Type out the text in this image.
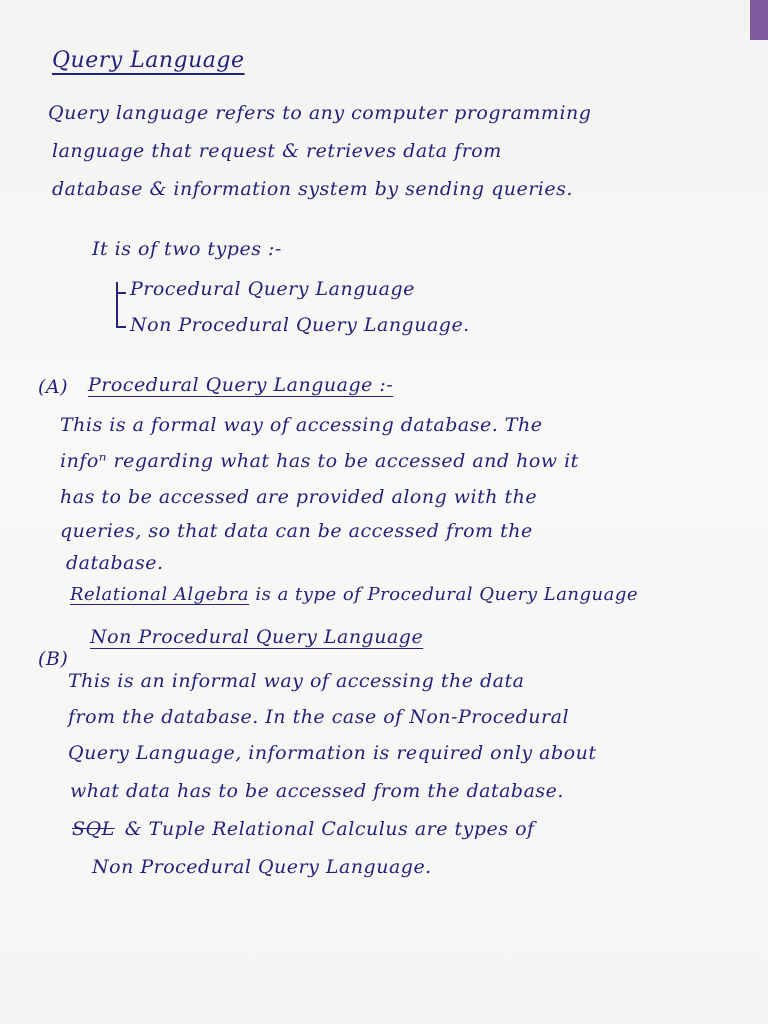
Query Language
Query language refers to any computer programming
language that request & retrieves data from
database & information system by sending queries.
It is of two types :-
Procedural Query Language
Non Procedural Query Language.
(A) Procedural Query Language :-
This is a formal way of accessing database. The
infoⁿ regarding what has to be accessed and how it
has to be accessed are provided along with the
queries, so that data can be accessed from the
database.
Relational Algebra is a type of Procedural Query Language
(B)
Non Procedural Query Language
This is an informal way of accessing the data
from the database. In the case of Non-Procedural
Query Language, information is required only about
what data has to be accessed from the database.
SQL & Tuple Relational Calculus are types of
Non Procedural Query Language.
